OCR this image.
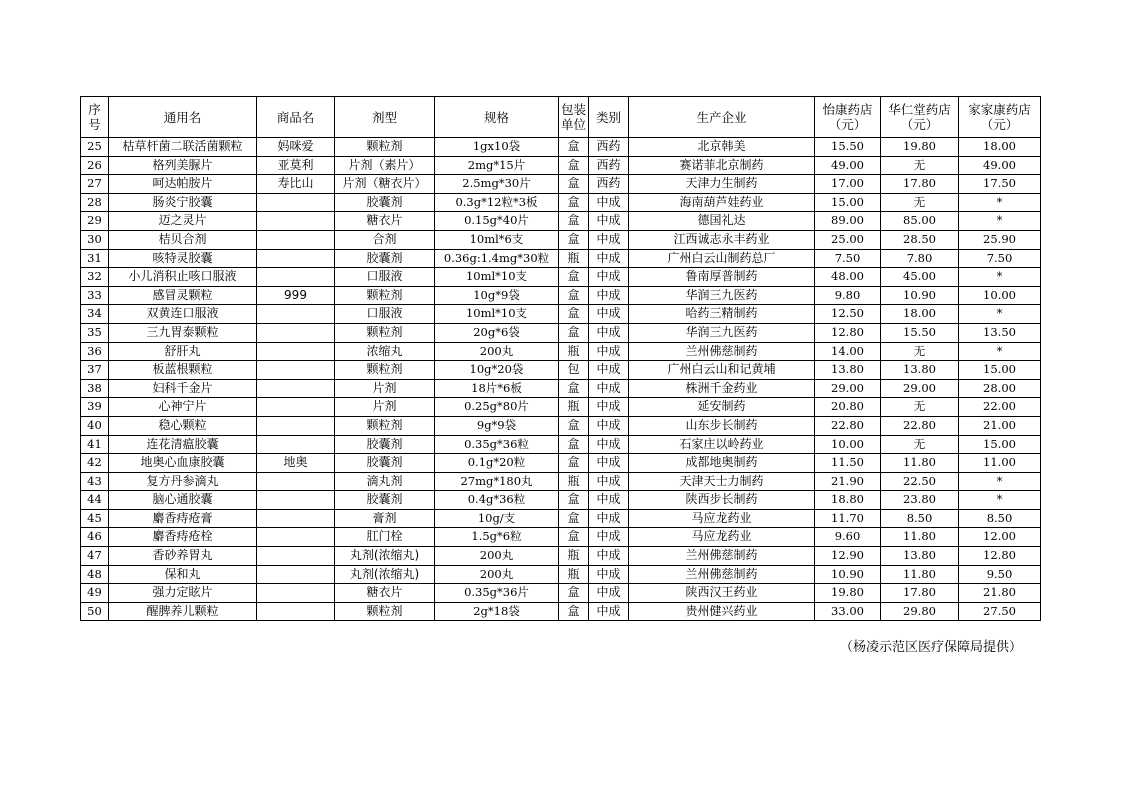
序号	通用名	商品名	剂型	规格	包装单位	类别	生产企业	怡康药店（元）	华仁堂药店（元）	家家康药店（元）
25	枯草杆菌二联活菌颗粒	妈咪爱	颗粒剂	1gx10袋	盒	西药	北京韩美	15.50	19.80	18.00
26	格列美脲片	亚莫利	片剂（素片）	2mg*15片	盒	西药	赛诺菲北京制药	49.00	无	49.00
27	呵达帕胺片	寿比山	片剂（糖衣片）	2.5mg*30片	盒	西药	天津力生制药	17.00	17.80	17.50
28	肠炎宁胶囊		胶囊剂	0.3g*12粒*3板	盒	中成	海南葫芦娃药业	15.00	无	*
29	迈之灵片		糖衣片	0.15g*40片	盒	中成	德国礼达	89.00	85.00	*
30	桔贝合剂		合剂	10ml*6支	盒	中成	江西诚志永丰药业	25.00	28.50	25.90
31	咳特灵胶囊		胶囊剂	0.36g:1.4mg*30粒	瓶	中成	广州白云山制药总厂	7.50	7.80	7.50
32	小儿消积止咳口服液		口服液	10ml*10支	盒	中成	鲁南厚普制药	48.00	45.00	*
33	感冒灵颗粒	999	颗粒剂	10g*9袋	盒	中成	华润三九医药	9.80	10.90	10.00
34	双黄连口服液		口服液	10ml*10支	盒	中成	哈药三精制药	12.50	18.00	*
35	三九胃泰颗粒		颗粒剂	20g*6袋	盒	中成	华润三九医药	12.80	15.50	13.50
36	舒肝丸		浓缩丸	200丸	瓶	中成	兰州佛慈制药	14.00	无	*
37	板蓝根颗粒		颗粒剂	10g*20袋	包	中成	广州白云山和记黄埔	13.80	13.80	15.00
38	妇科千金片		片剂	18片*6板	盒	中成	株洲千金药业	29.00	29.00	28.00
39	心神宁片		片剂	0.25g*80片	瓶	中成	延安制药	20.80	无	22.00
40	稳心颗粒		颗粒剂	9g*9袋	盒	中成	山东步长制药	22.80	22.80	21.00
41	连花清瘟胶囊		胶囊剂	0.35g*36粒	盒	中成	石家庄以岭药业	10.00	无	15.00
42	地奥心血康胶囊	地奥	胶囊剂	0.1g*20粒	盒	中成	成都地奥制药	11.50	11.80	11.00
43	复方丹参滴丸		滴丸剂	27mg*180丸	瓶	中成	天津天士力制药	21.90	22.50	*
44	脑心通胶囊		胶囊剂	0.4g*36粒	盒	中成	陕西步长制药	18.80	23.80	*
45	麝香痔疮膏		膏剂	10g/支	盒	中成	马应龙药业	11.70	8.50	8.50
46	麝香痔疮栓		肛门栓	1.5g*6粒	盒	中成	马应龙药业	9.60	11.80	12.00
47	香砂养胃丸		丸剂(浓缩丸)	200丸	瓶	中成	兰州佛慈制药	12.90	13.80	12.80
48	保和丸		丸剂(浓缩丸)	200丸	瓶	中成	兰州佛慈制药	10.90	11.80	9.50
49	强力定眩片		糖衣片	0.35g*36片	盒	中成	陕西汉王药业	19.80	17.80	21.80
50	醒脾养儿颗粒		颗粒剂	2g*18袋	盒	中成	贵州健兴药业	33.00	29.80	27.50
（杨凌示范区医疗保障局提供）
